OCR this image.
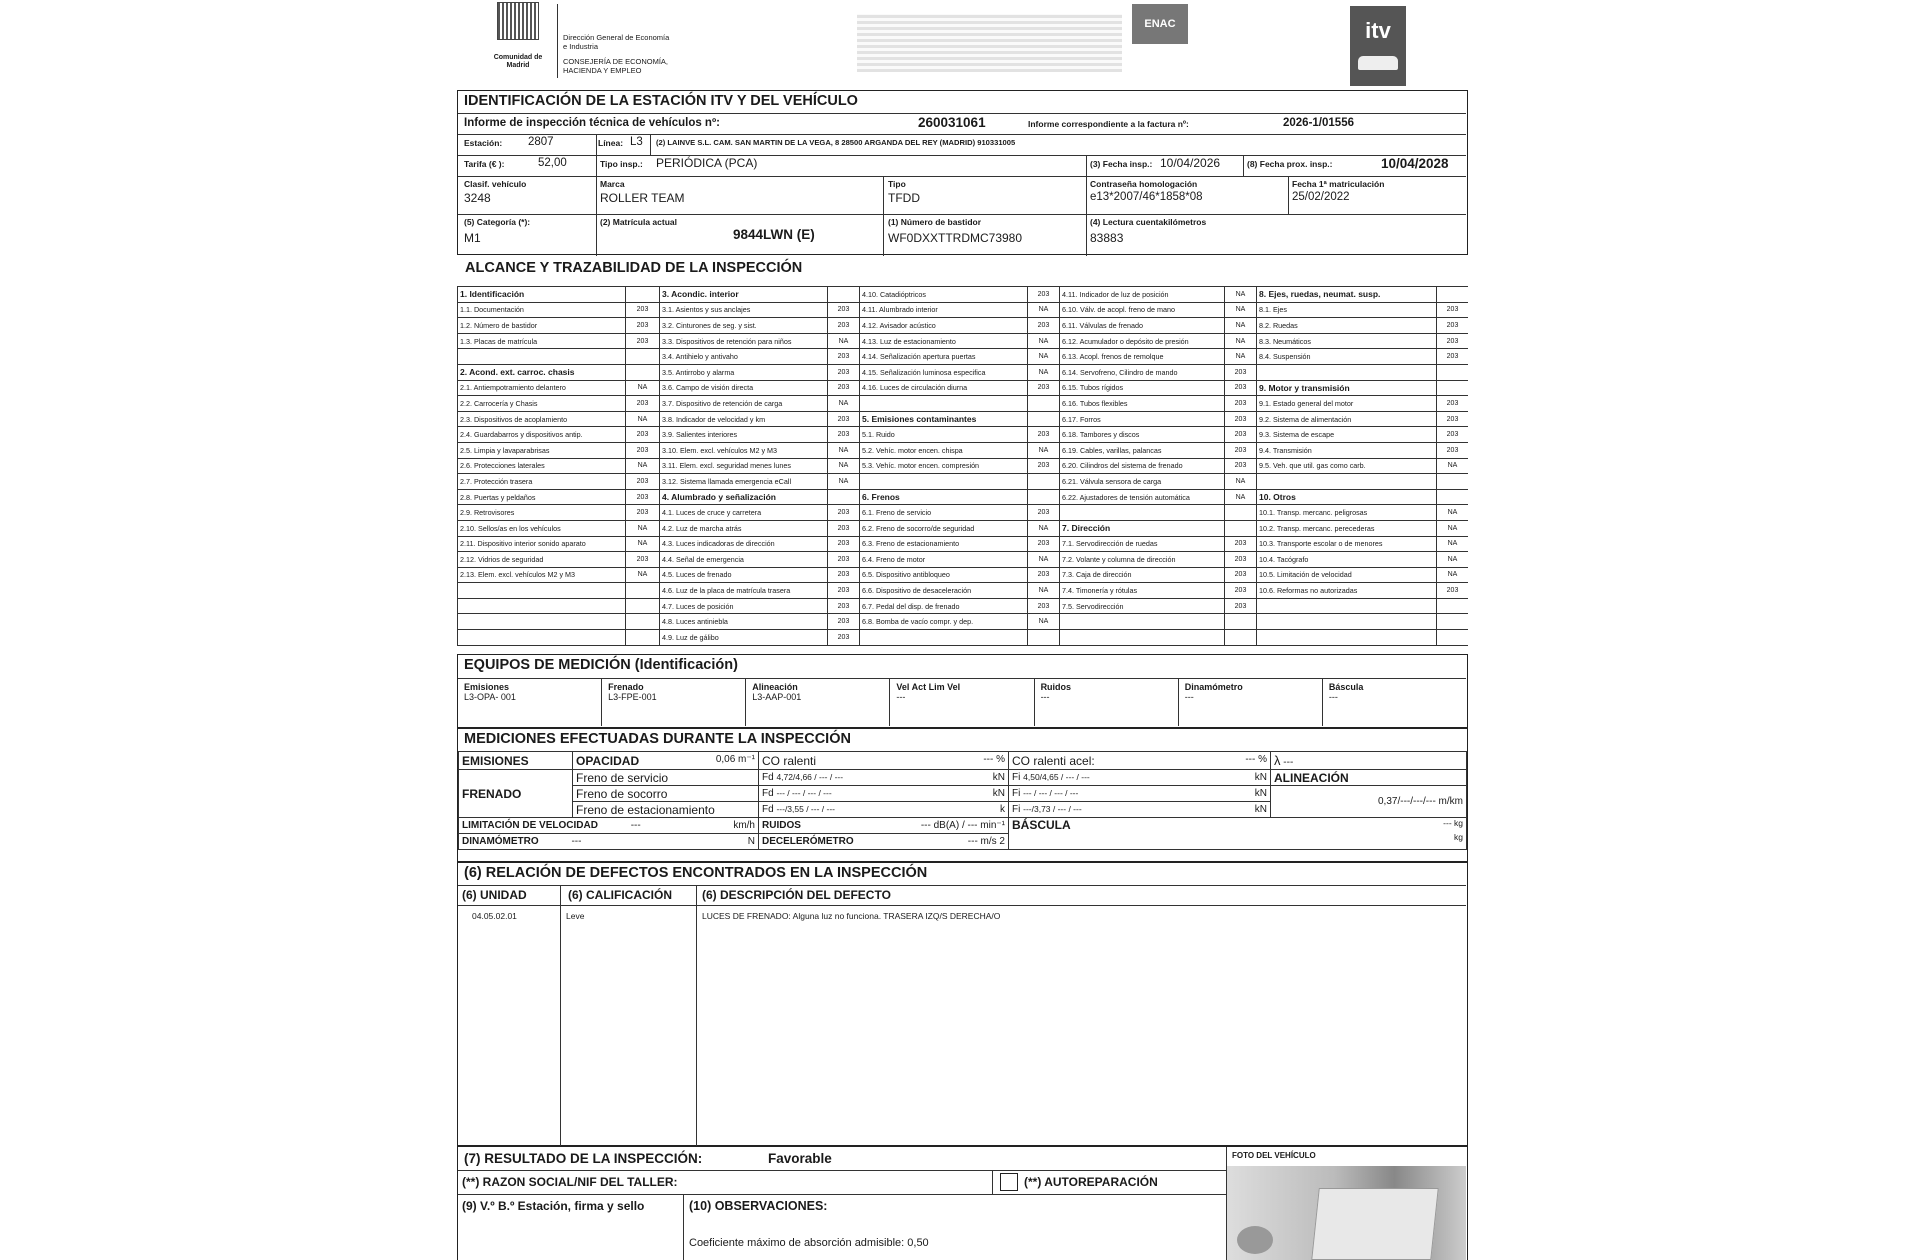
Comunidad de Madrid
Dirección General de Economía e Industria
CONSEJERÍA DE ECONOMÍA, HACIENDA Y EMPLEO
ENAC	itv
IDENTIFICACIÓN DE LA ESTACIÓN ITV Y DEL VEHÍCULO
Informe de inspección técnica de vehículos nº:	260031061	Informe correspondiente a la factura nº:	2026-1/01556
Estación: 2807	Línea: L3 (2) LAINVE S.L. CAM. SAN MARTIN DE LA VEGA, 8 28500 ARGANDA DEL REY (MADRID) 910331005
Tarifa (€ ):	52,00	Tipo insp.: PERIÓDICA (PCA)	(3) Fecha insp.: 10/04/2026	(8) Fecha prox. insp.:	10/04/2028
Clasif. vehículo
3248
Marca
ROLLER TEAM
Tipo
TFDD
Contraseña homologación
e13*2007/46*1858*08
Fecha 1ª matriculación
25/02/2022
(5) Categoría (*):
M1
(2) Matrícula actual
9844LWN (E)
(1) Número de bastidor
WF0DXXTTRDMC73980
(4) Lectura cuentakilómetros
83883
ALCANCE Y TRAZABILIDAD DE LA INSPECCIÓN
1. Identificación		3. Acondic. interior		4.10. Catadióptricos	203	4.11. Indicador de luz de posición	NA	8. Ejes, ruedas, neumat. susp.	
1.1. Documentación	203	3.1. Asientos y sus anclajes	203	4.11. Alumbrado interior	NA	6.10. Válv. de acopl. freno de mano	NA	8.1. Ejes	203
1.2. Número de bastidor	203	3.2. Cinturones de seg. y sist.	203	4.12. Avisador acústico	203	6.11. Válvulas de frenado	NA	8.2. Ruedas	203
1.3. Placas de matrícula	203	3.3. Dispositivos de retención para niños	NA	4.13. Luz de estacionamiento	NA	6.12. Acumulador o depósito de presión	NA	8.3. Neumáticos	203
		3.4. Antihielo y antivaho	203	4.14. Señalización apertura puertas	NA	6.13. Acopl. frenos de remolque	NA	8.4. Suspensión	203
2. Acond. ext. carroc. chasis		3.5. Antirrobo y alarma	203	4.15. Señalización luminosa especifica	NA	6.14. Servofreno, Cilindro de mando	203		
2.1. Antiempotramiento delantero	NA	3.6. Campo de visión directa	203	4.16. Luces de circulación diurna	203	6.15. Tubos rígidos	203	9. Motor y transmisión	
2.2. Carrocería y Chasis	203	3.7. Dispositivo de retención de carga	NA			6.16. Tubos flexibles	203	9.1. Estado general del motor	203
2.3. Dispositivos de acoplamiento	NA	3.8. Indicador de velocidad y km	203	5. Emisiones contaminantes		6.17. Forros	203	9.2. Sistema de alimentación	203
2.4. Guardabarros y dispositivos antip.	203	3.9. Salientes interiores	203	5.1. Ruido	203	6.18. Tambores y discos	203	9.3. Sistema de escape	203
2.5. Limpia y lavaparabrisas	203	3.10. Elem. excl. vehículos M2 y M3	NA	5.2. Vehíc. motor encen. chispa	NA	6.19. Cables, varillas, palancas	203	9.4. Transmisión	203
2.6. Protecciones laterales	NA	3.11. Elem. excl. seguridad menes lunes	NA	5.3. Vehíc. motor encen. compresión	203	6.20. Cilindros del sistema de frenado	203	9.5. Veh. que util. gas como carb.	NA
2.7. Protección trasera	203	3.12. Sistema llamada emergencia eCall	NA			6.21. Válvula sensora de carga	NA		
2.8. Puertas y peldaños	203	4. Alumbrado y señalización		6. Frenos		6.22. Ajustadores de tensión automática	NA	10. Otros	
2.9. Retrovisores	203	4.1. Luces de cruce y carretera	203	6.1. Freno de servicio	203			10.1. Transp. mercanc. peligrosas	NA
2.10. Sellos/as en los vehículos	NA	4.2. Luz de marcha atrás	203	6.2. Freno de socorro/de seguridad	NA	7. Dirección		10.2. Transp. mercanc. perecederas	NA
2.11. Dispositivo interior sonido aparato	NA	4.3. Luces indicadoras de dirección	203	6.3. Freno de estacionamiento	203	7.1. Servodirección de ruedas	203	10.3. Transporte escolar o de menores	NA
2.12. Vidrios de seguridad	203	4.4. Señal de emergencia	203	6.4. Freno de motor	NA	7.2. Volante y columna de dirección	203	10.4. Tacógrafo	NA
2.13. Elem. excl. vehículos M2 y M3	NA	4.5. Luces de frenado	203	6.5. Dispositivo antibloqueo	203	7.3. Caja de dirección	203	10.5. Limitación de velocidad	NA
		4.6. Luz de la placa de matrícula trasera	203	6.6. Dispositivo de desaceleración	NA	7.4. Timonería y rótulas	203	10.6. Reformas no autorizadas	203
		4.7. Luces de posición	203	6.7. Pedal del disp. de frenado	203	7.5. Servodirección	203		
		4.8. Luces antiniebla	203	6.8. Bomba de vacío compr. y dep.	NA				
		4.9. Luz de gálibo	203						
EQUIPOS DE MEDICIÓN (Identificación)
Emisiones
L3-OPA- 001
Frenado
L3-FPE-001
Alineación
L3-AAP-001
Vel Act Lim Vel
---
Ruidos
---
Dinamómetro
---
Báscula
---
MEDICIONES EFECTUADAS DURANTE LA INSPECCIÓN
EMISIONES	OPACIDAD 0,06 m⁻¹	CO ralenti --- %	CO ralenti acel: --- %	λ ---
FRENADO	Freno de servicio	Fd 4,72/4,66 / --- / --- kN	Fi 4,50/4,65 / --- / --- kN	ALINEACIÓN
	Freno de socorro	Fd --- / --- / --- / --- kN	Fi --- / --- / --- / --- kN	0,37/---/---/--- m/km
	Freno de estacionamiento	Fd ---/3,55 / --- / --- k	Fi ---/3,73 / --- / --- kN	

LIMITACIÓN DE VELOCIDAD --- km/h		RUIDOS --- dB(A) / --- min⁻¹	BÁSCULA --- kg

kg	

DINAMÓMETRO --- N		DECELERÓMETRO --- m/s 2		
(6) RELACIÓN DE DEFECTOS ENCONTRADOS EN LA INSPECCIÓN
(6) UNIDAD	(6) CALIFICACIÓN	(6) DESCRIPCIÓN DEL DEFECTO
04.05.02.01	Leve	LUCES DE FRENADO: Alguna luz no funciona. TRASERA IZQ/S DERECHA/O
(7) RESULTADO DE LA INSPECCIÓN:	Favorable
(**) RAZON SOCIAL/NIF DEL TALLER:	(**) AUTOREPARACIÓN
(9) V.º B.º Estación, firma y sello	(10) OBSERVACIONES:
Coeficiente máximo de absorción admisible: 0,50
FOTO DEL VEHÍCULO
